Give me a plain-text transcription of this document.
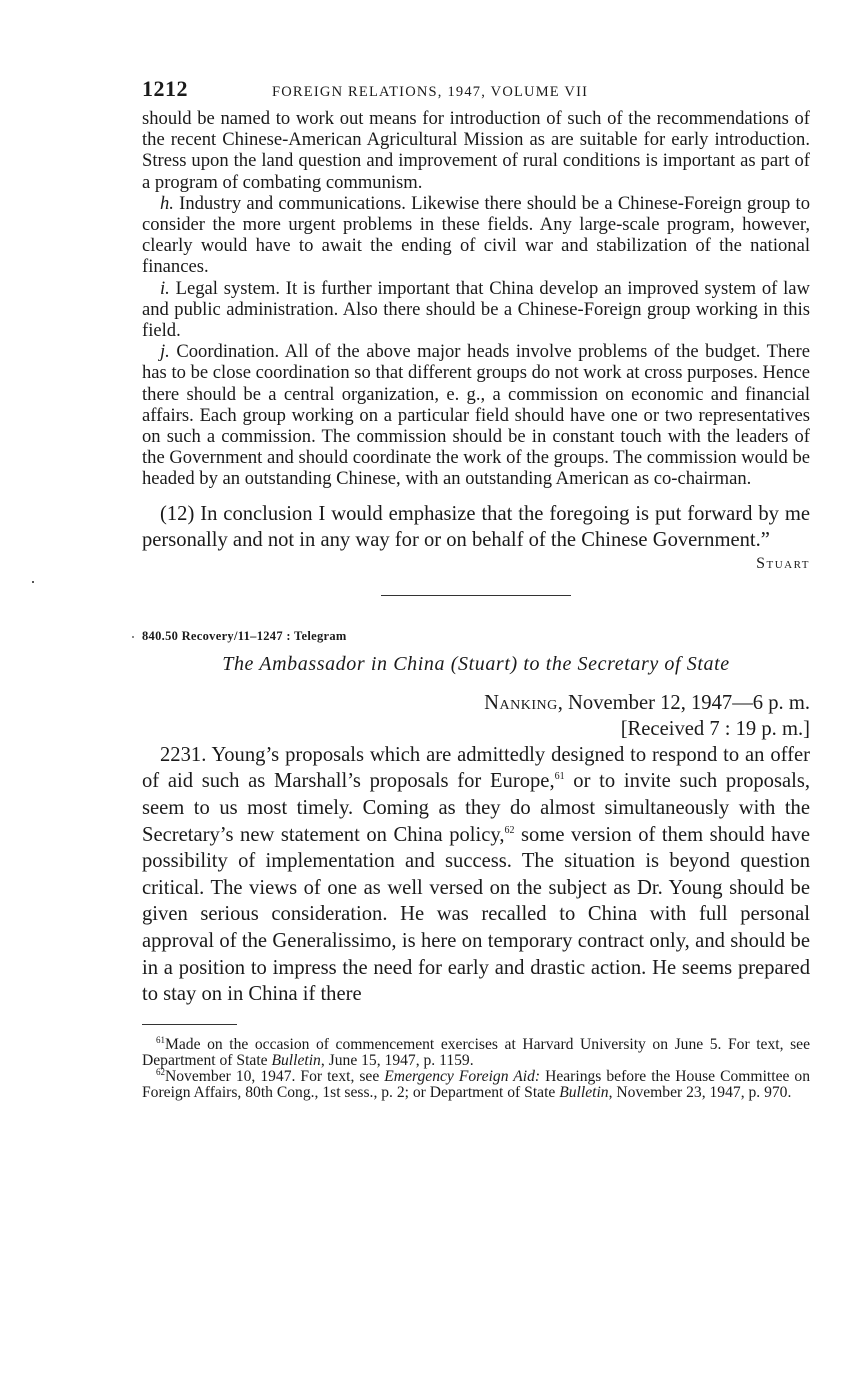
1212	FOREIGN RELATIONS, 1947, VOLUME VII

should be named to work out means for introduction of such of the recommendations of the recent Chinese-American Agricultural Mission as are suitable for early introduction. Stress upon the land question and improvement of rural conditions is important as part of a program of combating communism.

h. Industry and communications. Likewise there should be a Chinese-Foreign group to consider the more urgent problems in these fields. Any large-scale program, however, clearly would have to await the ending of civil war and stabilization of the national finances.

i. Legal system. It is further important that China develop an improved system of law and public administration. Also there should be a Chinese-Foreign group working in this field.

j. Coordination. All of the above major heads involve problems of the budget. There has to be close coordination so that different groups do not work at cross purposes. Hence there should be a central organization, e. g., a commission on economic and financial affairs. Each group working on a particular field should have one or two representatives on such a commission. The commission should be in constant touch with the leaders of the Government and should coordinate the work of the groups. The commission would be headed by an outstanding Chinese, with an outstanding American as co-chairman.

(12) In conclusion I would emphasize that the foregoing is put forward by me personally and not in any way for or on behalf of the Chinese Government.”

Stuart
840.50 Recovery/11–1247 : Telegram
The Ambassador in China (Stuart) to the Secretary of State
Nanking, November 12, 1947—6 p. m.
[Received 7 : 19 p. m.]

2231. Young’s proposals which are admittedly designed to respond to an offer of aid such as Marshall’s proposals for Europe,$^{61}$ or to invite such proposals, seem to us most timely. Coming as they do almost simultaneously with the Secretary’s new statement on China policy,$^{62}$ some version of them should have possibility of implementation and success. The situation is beyond question critical. The views of one as well versed on the subject as Dr. Young should be given serious consideration. He was recalled to China with full personal approval of the Generalissimo, is here on temporary contract only, and should be in a position to impress the need for early and drastic action. He seems prepared to stay on in China if there

$^{61}$Made on the occasion of commencement exercises at Harvard University on June 5. For text, see Department of State Bulletin, June 15, 1947, p. 1159.

$^{62}$November 10, 1947. For text, see Emergency Foreign Aid: Hearings before the House Committee on Foreign Affairs, 80th Cong., 1st sess., p. 2; or Department of State Bulletin, November 23, 1947, p. 970.
